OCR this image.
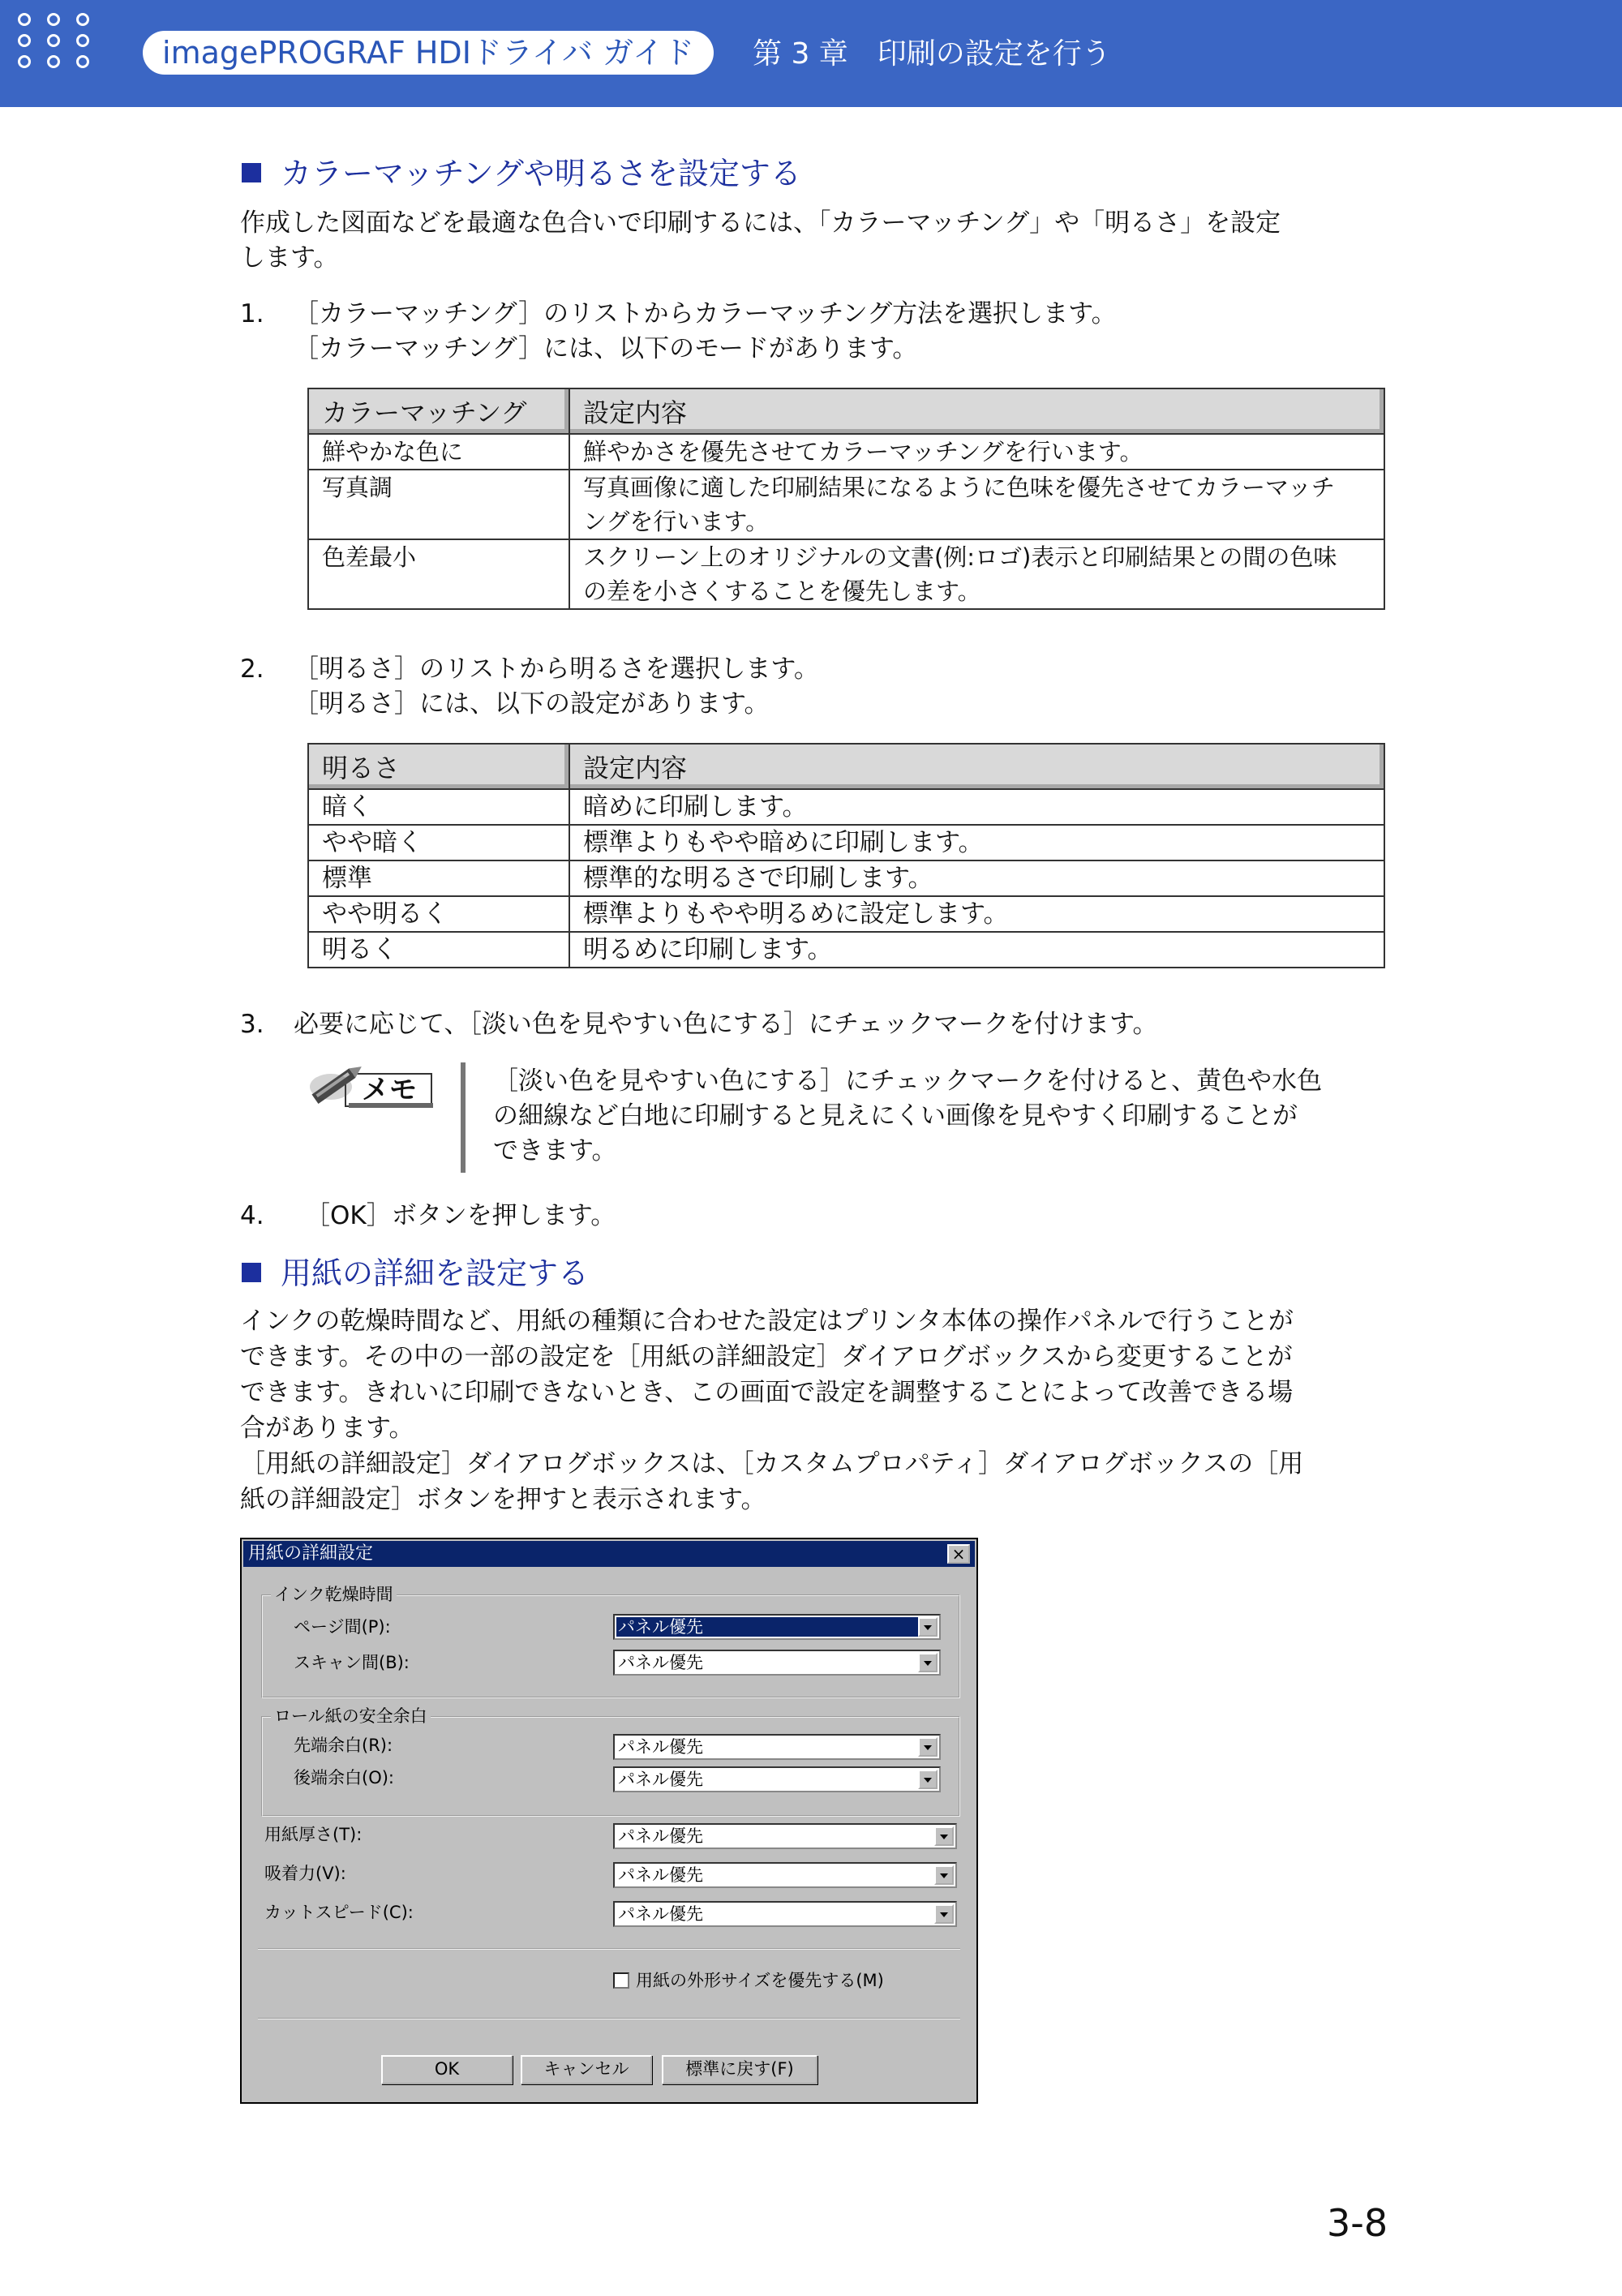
imagePROGRAF HDIドライバ ガイド	第 3 章　印刷の設定を行う
カラーマッチングや明るさを設定する
作成した図面などを最適な色合いで印刷するには、「カラーマッチング」や「明るさ」を設定
します。
1. ［カラーマッチング］のリストからカラーマッチング方法を選択します。
［カラーマッチング］には、以下のモードがあります。
カラーマッチング	設定内容
鮮やかな色に	鮮やかさを優先させてカラーマッチングを行います。
写真調	写真画像に適した印刷結果になるように色味を優先させてカラーマッチ
ングを行います。

色差最小	スクリーン上のオリジナルの文書(例:ロゴ)表示と印刷結果との間の色味
の差を小さくすることを優先します。
2. ［明るさ］のリストから明るさを選択します。
［明るさ］には、以下の設定があります。
明るさ	設定内容
暗く	暗めに印刷します。
やや暗く	標準よりもやや暗めに印刷します。
標準	標準的な明るさで印刷します。
やや明るく	標準よりもやや明るめに設定します。
明るく	明るめに印刷します。
3. 必要に応じて、［淡い色を見やすい色にする］にチェックマークを付けます。
メモ	［淡い色を見やすい色にする］にチェックマークを付けると、黄色や水色
の細線など白地に印刷すると見えにくい画像を見やすく印刷することが
できます。
4. ［OK］ボタンを押します。
用紙の詳細を設定する
インクの乾燥時間など、用紙の種類に合わせた設定はプリンタ本体の操作パネルで行うことが
できます。その中の一部の設定を［用紙の詳細設定］ダイアログボックスから変更することが
できます。きれいに印刷できないとき、この画面で設定を調整することによって改善できる場
合があります。
［用紙の詳細設定］ダイアログボックスは、［カスタムプロパティ］ダイアログボックスの［用
紙の詳細設定］ボタンを押すと表示されます。
用紙の詳細設定	×
インク乾燥時間
ページ間(P):	パネル優先
スキャン間(B):	パネル優先
ロール紙の安全余白
先端余白(R):	パネル優先
後端余白(O):	パネル優先
用紙厚さ(T):	パネル優先
吸着力(V):	パネル優先
カットスピード(C):	パネル優先
用紙の外形サイズを優先する(M)
OK	キャンセル	標準に戻す(F)
3-8
